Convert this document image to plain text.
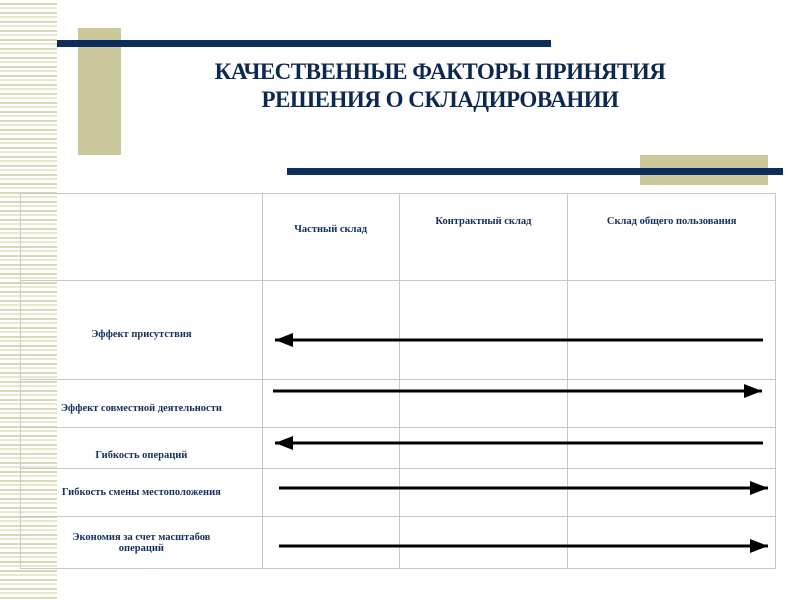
КАЧЕСТВЕННЫЕ ФАКТОРЫ ПРИНЯТИЯ
РЕШЕНИЯ О СКЛАДИРОВАНИИ
	Частный склад	Контрактный склад	Склад общего пользования
Эффект присутствия			
Эффект совместной деятельности			
Гибкость операций			
Гибкость смены местоположения			
Экономия за счет масштабов операций			
